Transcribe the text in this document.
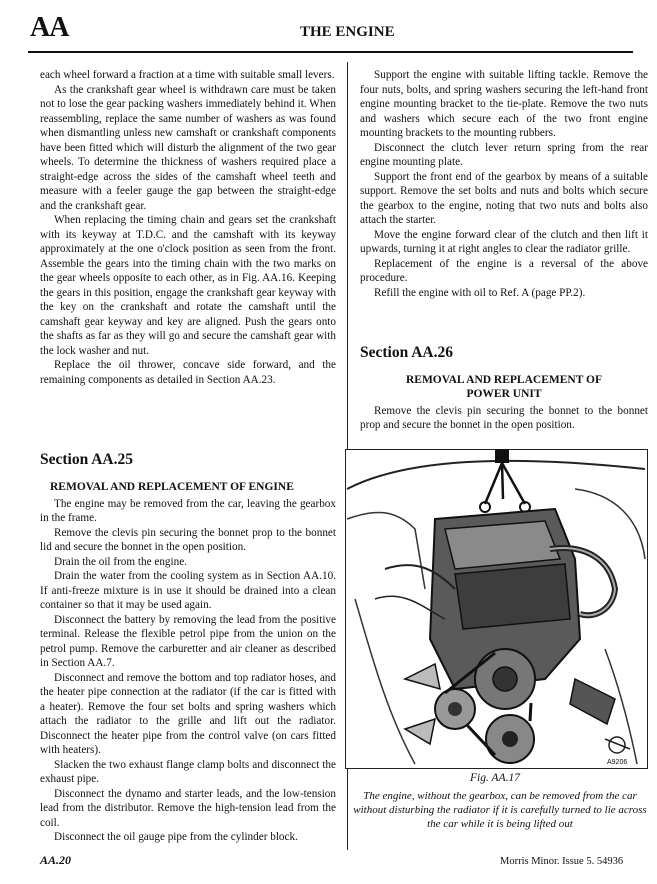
AA	THE ENGINE

each wheel forward a fraction at a time with suitable small levers.

As the crankshaft gear wheel is withdrawn care must be taken not to lose the gear packing washers immediately behind it. When reassembling, replace the same number of washers as was found when dismantling unless new camshaft or crankshaft components have been fitted which will disturb the alignment of the two gear wheels. To determine the thickness of washers required place a straight-edge across the sides of the camshaft wheel teeth and measure with a feeler gauge the gap between the straight-edge and the crankshaft gear.

When replacing the timing chain and gears set the crankshaft with its keyway at T.D.C. and the camshaft with its keyway approximately at the one o'clock position as seen from the front. Assemble the gears into the timing chain with the two marks on the gear wheels opposite to each other, as in Fig. AA.16. Keeping the gears in this position, engage the crankshaft gear keyway with the key on the crankshaft and rotate the camshaft until the camshaft gear keyway and key are aligned. Push the gears onto the shafts as far as they will go and secure the camshaft gear with the lock washer and nut.

Replace the oil thrower, concave side forward, and the remaining components as detailed in Section AA.23.

Section AA.25

REMOVAL AND REPLACEMENT OF ENGINE

The engine may be removed from the car, leaving the gearbox in the frame.

Remove the clevis pin securing the bonnet prop to the bonnet lid and secure the bonnet in the open position.

Drain the oil from the engine.

Drain the water from the cooling system as in Section AA.10. If anti-freeze mixture is in use it should be drained into a clean container so that it may be used again.

Disconnect the battery by removing the lead from the positive terminal. Release the flexible petrol pipe from the union on the petrol pump. Remove the carburetter and air cleaner as described in Section AA.7.

Disconnect and remove the bottom and top radiator hoses, and the heater pipe connection at the radiator (if the car is fitted with a heater). Remove the four set bolts and spring washers which attach the radiator to the grille and lift out the radiator. Disconnect the heater pipe from the control valve (on cars fitted with heaters).

Slacken the two exhaust flange clamp bolts and disconnect the exhaust pipe.

Disconnect the dynamo and starter leads, and the low-tension lead from the distributor. Remove the high-tension lead from the coil.

Disconnect the oil gauge pipe from the cylinder block.

Support the engine with suitable lifting tackle. Remove the four nuts, bolts, and spring washers securing the left-hand front engine mounting bracket to the tie-plate. Remove the two nuts and washers which secure each of the two front engine mounting brackets to the mounting rubbers.

Disconnect the clutch lever return spring from the rear engine mounting plate.

Support the front end of the gearbox by means of a suitable support. Remove the set bolts and nuts and bolts which secure the gearbox to the engine, noting that two nuts and bolts also attach the starter.

Move the engine forward clear of the clutch and then lift it upwards, turning it at right angles to clear the radiator grille.

Replacement of the engine is a reversal of the above procedure.

Refill the engine with oil to Ref. A (page PP.2).

Section AA.26

REMOVAL AND REPLACEMENT OF

POWER UNIT

Remove the clevis pin securing the bonnet to the bonnet prop and secure the bonnet in the open position.

A9206
Fig. AA.17
The engine, without the gearbox, can be removed from the car without disturbing the radiator if it is carefully turned to lie across the car while it is being lifted out
AA.20	Morris Minor. Issue 5. 54936
